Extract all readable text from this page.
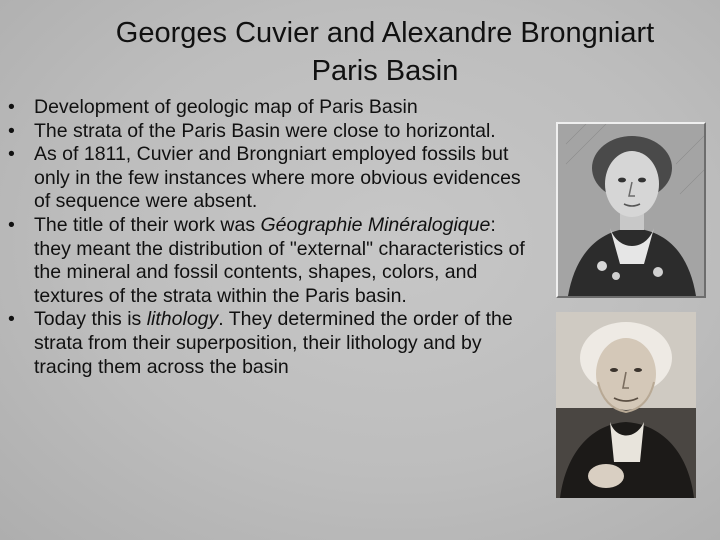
Georges Cuvier and Alexandre Brongniart
Paris Basin
• Development of geologic map of Paris Basin
• The strata of the Paris Basin were close to horizontal.
• As of 1811, Cuvier and Brongniart employed fossils but only in the few instances where more obvious evidences of sequence were absent.
• The title of their work was Géographie Minéralogique: they meant the distribution of "external" characteristics of the mineral and fossil contents, shapes, colors, and textures of the strata within the Paris basin.
• Today this is lithology. They determined the order of the strata from their superposition, their lithology and by tracing them across the basin
